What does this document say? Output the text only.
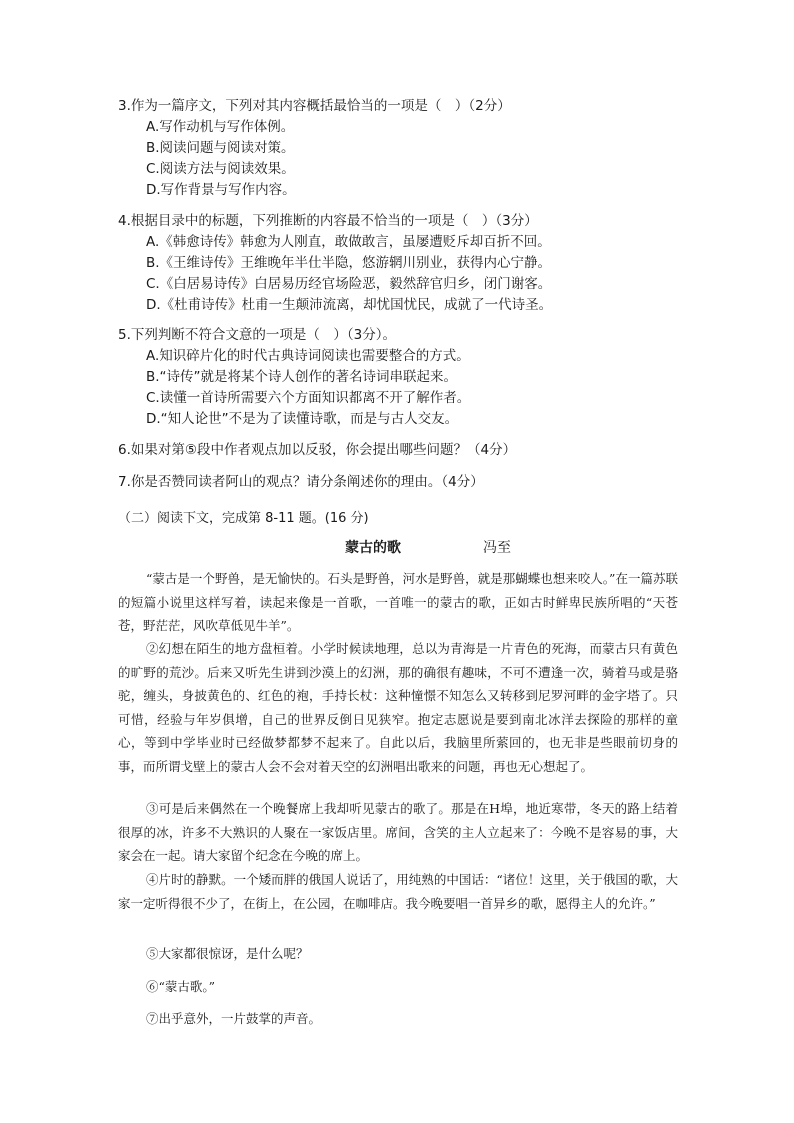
3.作为一篇序文，下列对其内容概括最恰当的一项是（　）（2分）
A.写作动机与写作体例。
B.阅读问题与阅读对策。
C.阅读方法与阅读效果。
D.写作背景与写作内容。
4.根据目录中的标题，下列推断的内容最不恰当的一项是（　）（3分）
A.《韩愈诗传》韩愈为人刚直，敢做敢言，虽屡遭贬斥却百折不回。
B.《王维诗传》王维晚年半仕半隐，悠游辋川别业，获得内心宁静。
C.《白居易诗传》白居易历经官场险恶，毅然辞官归乡，闭门谢客。
D.《杜甫诗传》杜甫一生颠沛流离，却忧国忧民，成就了一代诗圣。
5.下列判断不符合文意的一项是（　）（3分）。
A.知识碎片化的时代古典诗词阅读也需要整合的方式。
B.“诗传”就是将某个诗人创作的著名诗词串联起来。
C.读懂一首诗所需要六个方面知识都离不开了解作者。
D.“知人论世”不是为了读懂诗歌，而是与古人交友。
6.如果对第⑤段中作者观点加以反驳，你会提出哪些问题？（4分）
7.你是否赞同读者阿山的观点？请分条阐述你的理由。（4分）
（二）阅读下文，完成第 8-11 题。(16 分)
蒙古的歌	冯至
“蒙古是一个野兽，是无愉快的。石头是野兽，河水是野兽，就是那蝴蝶也想来咬人。”在一篇苏联的短篇小说里这样写着，读起来像是一首歌，一首唯一的蒙古的歌，正如古时鲜卑民族所唱的“天苍苍，野茫茫，风吹草低见牛羊”。
②幻想在陌生的地方盘桓着。小学时候读地理，总以为青海是一片青色的死海，而蒙古只有黄色的旷野的荒沙。后来又听先生讲到沙漠上的幻洲，那的确很有趣味，不可不遭逢一次，骑着马或是骆驼，缠头，身披黄色的、红色的袍，手持长杖：这种憧憬不知怎么又转移到尼罗河畔的金字塔了。只可惜，经验与年岁俱增，自己的世界反倒日见狭窄。抱定志愿说是要到南北冰洋去探险的那样的童心，等到中学毕业时已经做梦都梦不起来了。自此以后，我脑里所萦回的，也无非是些眼前切身的事，而所谓戈壁上的蒙古人会不会对着天空的幻洲唱出歌来的问题，再也无心想起了。
③可是后来偶然在一个晚餐席上我却听见蒙古的歌了。那是在H埠，地近寒带，冬天的路上结着很厚的冰，许多不大熟识的人聚在一家饭店里。席间，含笑的主人立起来了：今晚不是容易的事，大家会在一起。请大家留个纪念在今晚的席上。
④片时的静默。一个矮而胖的俄国人说话了，用纯熟的中国话：“诸位！这里，关于俄国的歌，大家一定听得很不少了，在街上，在公园，在咖啡店。我今晚要唱一首异乡的歌，愿得主人的允许。”
⑤大家都很惊讶，是什么呢？
⑥“蒙古歌。”
⑦出乎意外，一片鼓掌的声音。
